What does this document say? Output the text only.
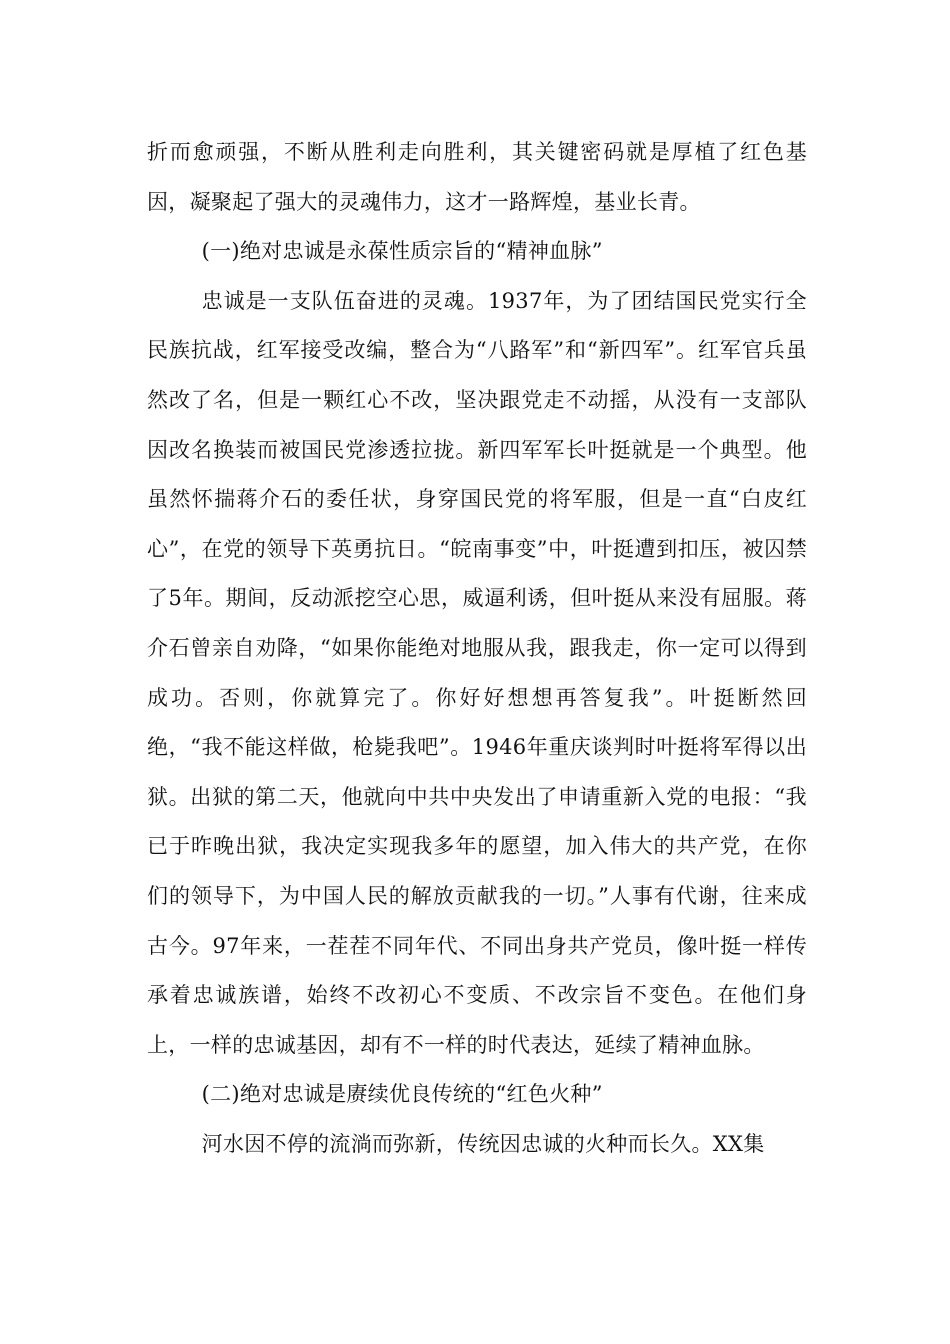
折而愈顽强，不断从胜利走向胜利，其关键密码就是厚植了红色基因，凝聚起了强大的灵魂伟力，这才一路辉煌，基业长青。

(一)绝对忠诚是永葆性质宗旨的“精神血脉”

忠诚是一支队伍奋进的灵魂。1937年，为了团结国民党实行全民族抗战，红军接受改编，整合为“八路军”和“新四军”。红军官兵虽然改了名，但是一颗红心不改，坚决跟党走不动摇，从没有一支部队因改名换装而被国民党渗透拉拢。新四军军长叶挺就是一个典型。他虽然怀揣蒋介石的委任状，身穿国民党的将军服，但是一直“白皮红心”，在党的领导下英勇抗日。“皖南事变”中，叶挺遭到扣压，被囚禁了5年。期间，反动派挖空心思，威逼利诱，但叶挺从来没有屈服。蒋介石曾亲自劝降，“如果你能绝对地服从我，跟我走，你一定可以得到成功。否则，你就算完了。你好好想想再答复我”。叶挺断然回绝，“我不能这样做，枪毙我吧”。1946年重庆谈判时叶挺将军得以出狱。出狱的第二天，他就向中共中央发出了申请重新入党的电报：“我已于昨晚出狱，我决定实现我多年的愿望，加入伟大的共产党，在你们的领导下，为中国人民的解放贡献我的一切。”人事有代谢，往来成古今。97年来，一茬茬不同年代、不同出身共产党员，像叶挺一样传承着忠诚族谱，始终不改初心不变质、不改宗旨不变色。在他们身上，一样的忠诚基因，却有不一样的时代表达，延续了精神血脉。

(二)绝对忠诚是赓续优良传统的“红色火种”

河水因不停的流淌而弥新，传统因忠诚的火种而长久。XX集
